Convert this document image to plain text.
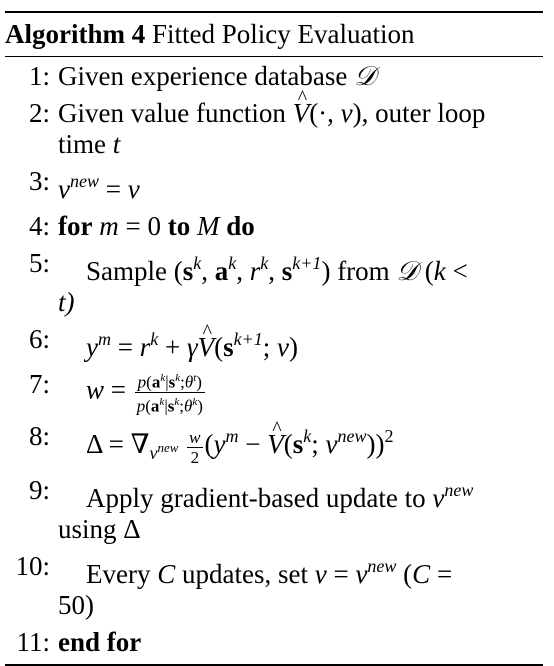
Algorithm 4 Fitted Policy Evaluation
1: Given experience database 𝒟
2: Given value function ^ V(·, ν), outer loop
time t
3: $\nu^{new} = \nu$
4: for m = 0 to M do
5:	Sample ($s^k$, $a^k$, $r^k$, $s^{k+1}$) from 𝒟 (k <
t)
6:	$y^m = r^k$ + γ^ $V(s^{k+1}$; ν)
7:	$w = \frac{p(a^k|s^k;\theta^t)}{p(a^k|s^k;\theta^k)}$
8:	$\Delta = \nabla_{\nu^{new}} \frac{w}{2} (y^m$ − ^ $V(s^k$; $\nu^{new}))^2$
9:	Apply gradient-based update to $\nu^{new}$
using Δ
10:	Every C updates, set $\nu = \nu^{new}$ (C =
50)
11: end for
